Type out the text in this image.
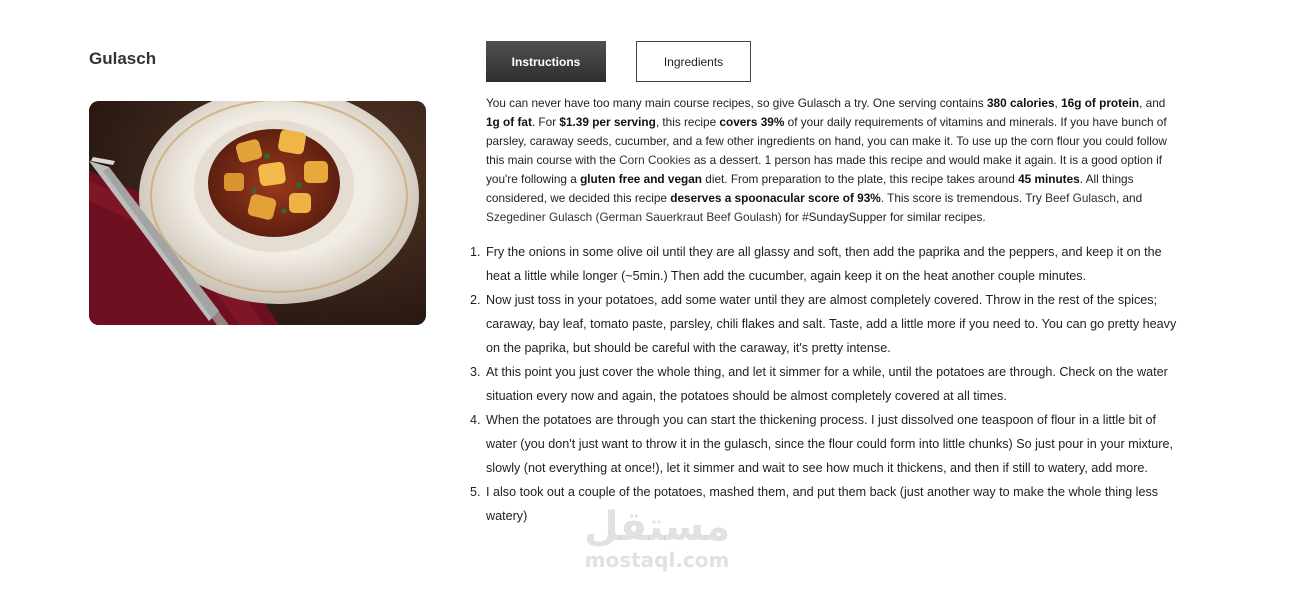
Gulasch	Instructions	Ingredients
You can never have too many main course recipes, so give Gulasch a try. One serving contains 380 calories, 16g of protein, and 1g of fat. For $1.39 per serving, this recipe covers 39% of your daily requirements of vitamins and minerals. If you have bunch of parsley, caraway seeds, cucumber, and a few other ingredients on hand, you can make it. To use up the corn flour you could follow this main course with the Corn Cookies as a dessert. 1 person has made this recipe and would make it again. It is a good option if you're following a gluten free and vegan diet. From preparation to the plate, this recipe takes around 45 minutes. All things considered, we decided this recipe deserves a spoonacular score of 93%. This score is tremendous. Try Beef Gulasch, and Szegediner Gulasch (German Sauerkraut Beef Goulash) for #SundaySupper for similar recipes.
1. Fry the onions in some olive oil until they are all glassy and soft, then add the paprika and the peppers, and keep it on the heat a little while longer (~5min.) Then add the cucumber, again keep it on the heat another couple minutes.
2. Now just toss in your potatoes, add some water until they are almost completely covered. Throw in the rest of the spices; caraway, bay leaf, tomato paste, parsley, chili flakes and salt. Taste, add a little more if you need to. You can go pretty heavy on the paprika, but should be careful with the caraway, it's pretty intense.
3. At this point you just cover the whole thing, and let it simmer for a while, until the potatoes are through. Check on the water situation every now and again, the potatoes should be almost completely covered at all times.
4. When the potatoes are through you can start the thickening process. I just dissolved one teaspoon of flour in a little bit of water (you don't just want to throw it in the gulasch, since the flour could form into little chunks) So just pour in your mixture, slowly (not everything at once!), let it simmer and wait to see how much it thickens, and then if still to watery, add more.
5. I also took out a couple of the potatoes, mashed them, and put them back (just another way to make the whole thing less watery)	مستقل
mostaql.com
